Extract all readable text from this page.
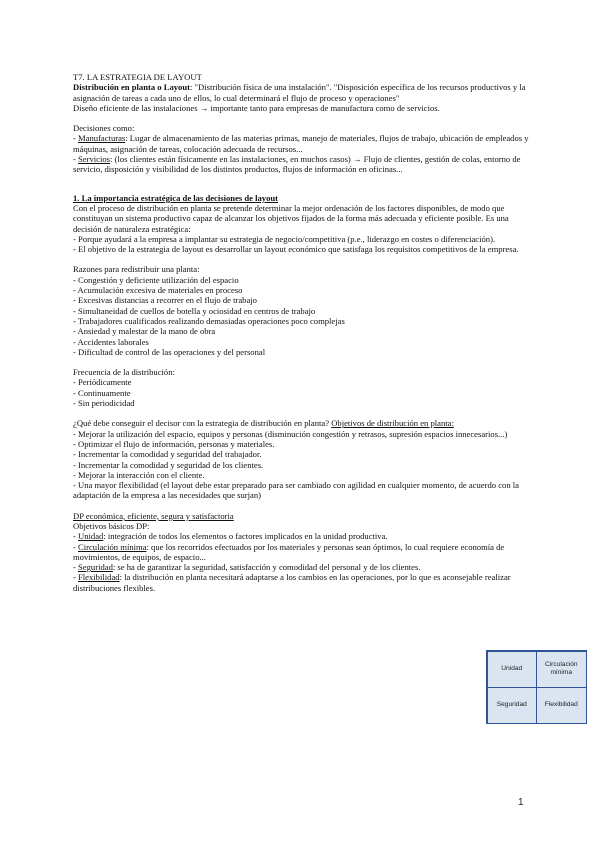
T7. LA ESTRATEGIA DE LAYOUT

Distribución en planta o Layout: "Distribución física de una instalación". "Disposición específica de los recursos productivos y la asignación de tareas a cada uno de ellos, lo cual determinará el flujo de proceso y operaciones"

Diseño eficiente de las instalaciones → importante tanto para empresas de manufactura como de servicios.

Decisiones como:

- Manufacturas: Lugar de almacenamiento de las materias primas, manejo de materiales, flujos de trabajo, ubicación de empleados y máquinas, asignación de tareas, colocación adecuada de recursos...

- Servicios: (los clientes están físicamente en las instalaciones, en muchos casos) → Flujo de clientes, gestión de colas, entorno de servicio, disposición y visibilidad de los distintos productos, flujos de información en oficinas...

1. La importancia estratégica de las decisiones de layout

Con el proceso de distribución en planta se pretende determinar la mejor ordenación de los factores disponibles, de modo que constituyan un sistema productivo capaz de alcanzar los objetivos fijados de la forma más adecuada y eficiente posible. Es una decisión de naturaleza estratégica:

- Porque ayudará a la empresa a implantar su estrategia de negocio/competitiva (p.e., liderazgo en costes o diferenciación).

- El objetivo de la estrategia de layout es desarrollar un layout económico que satisfaga los requisitos competitivos de la empresa.

Razones para redistribuir una planta:

- Congestión y deficiente utilización del espacio

- Acumulación excesiva de materiales en proceso

- Excesivas distancias a recorrer en el flujo de trabajo

- Simultaneidad de cuellos de botella y ociosidad en centros de trabajo

- Trabajadores cualificados realizando demasiadas operaciones poco complejas

- Ansiedad y malestar de la mano de obra

- Accidentes laborales

- Dificultad de control de las operaciones y del personal

Frecuencia de la distribución:

- Periódicamente

- Continuamente

- Sin periodicidad

¿Qué debe conseguir el decisor con la estrategia de distribución en planta? Objetivos de distribución en planta:

- Mejorar la utilización del espacio, equipos y personas (disminución congestión y retrasos, supresión espacios innecesarios...)

- Optimizar el flujo de información, personas y materiales.

- Incrementar la comodidad y seguridad del trabajador.

- Incrementar la comodidad y seguridad de los clientes.

- Mejorar la interacción con el cliente.

- Una mayor flexibilidad (el layout debe estar preparado para ser cambiado con agilidad en cualquier momento, de acuerdo con la adaptación de la empresa a las necesidades que surjan)

DP económica, eficiente, segura y satisfactoria

Objetivos básicos DP:

- Unidad: integración de todos los elementos o factores implicados en la unidad productiva.

- Circulación mínima: que los recorridos efectuados por los materiales y personas sean óptimos, lo cual requiere economía de movimientos, de equipos, de espacio...

- Seguridad: se ha de garantizar la seguridad, satisfacción y comodidad del personal y de los clientes.

- Flexibilidad: la distribución en planta necesitará adaptarse a los cambios en las operaciones, por lo que es aconsejable realizar distribuciones flexibles.

Unidad
Circulación mínima
Seguridad	Flexibilidad
1
